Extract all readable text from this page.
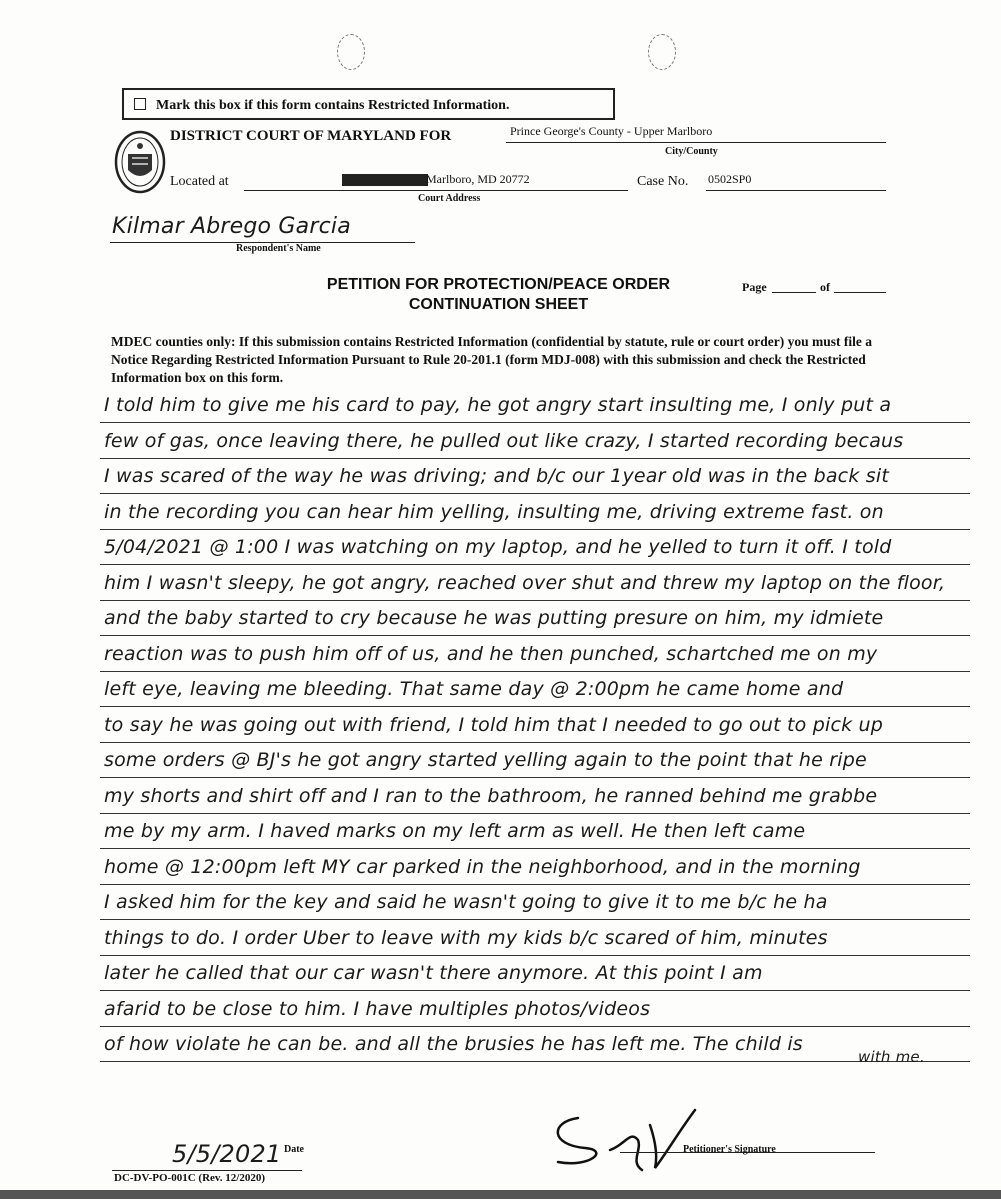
Mark this box if this form contains Restricted Information.
DISTRICT COURT OF MARYLAND FOR	Prince George's County - Upper Marlboro
City/County
Located at	Marlboro, MD 20772
Court Address
Case No. 0502SP0
Kilmar Abrego Garcia
Respondent's Name
PETITION FOR PROTECTION/PEACE ORDER
CONTINUATION SHEET
Page	of
MDEC counties only: If this submission contains Restricted Information (confidential by statute, rule or court order) you must file a Notice Regarding Restricted Information Pursuant to Rule 20-201.1 (form MDJ-008) with this submission and check the Restricted Information box on this form.
I told him to give me his card to pay, he got angry start insulting me, I only put a
few of gas, once leaving there, he pulled out like crazy, I started recording becaus
I was scared of the way he was driving; and b/c our 1year old was in the back sit
in the recording you can hear him yelling, insulting me, driving extreme fast. on
5/04/2021 @ 1:00 I was watching on my laptop, and he yelled to turn it off. I told
him I wasn't sleepy, he got angry, reached over shut and threw my laptop on the floor,
and the baby started to cry because he was putting presure on him, my idmiete
reaction was to push him off of us, and he then punched, schartched me on my
left eye, leaving me bleeding. That same day @ 2:00pm he came home and
to say he was going out with friend, I told him that I needed to go out to pick up
some orders @ BJ's he got angry started yelling again to the point that he ripe
my shorts and shirt off and I ran to the bathroom, he ranned behind me grabbe
me by my arm. I haved marks on my left arm as well. He then left came
home @ 12:00pm left MY car parked in the neighborhood, and in the morning
I asked him for the key and said he wasn't going to give it to me b/c he ha
things to do. I order Uber to leave with my kids b/c scared of him, minutes
later he called that our car wasn't there anymore. At this point I am
afarid to be close to him. I have multiples photos/videos
of how violate he can be. and all the brusies he has left me. The child is
with me.
5/5/2021 Date	Petitioner's Signature
DC-DV-PO-001C (Rev. 12/2020)
